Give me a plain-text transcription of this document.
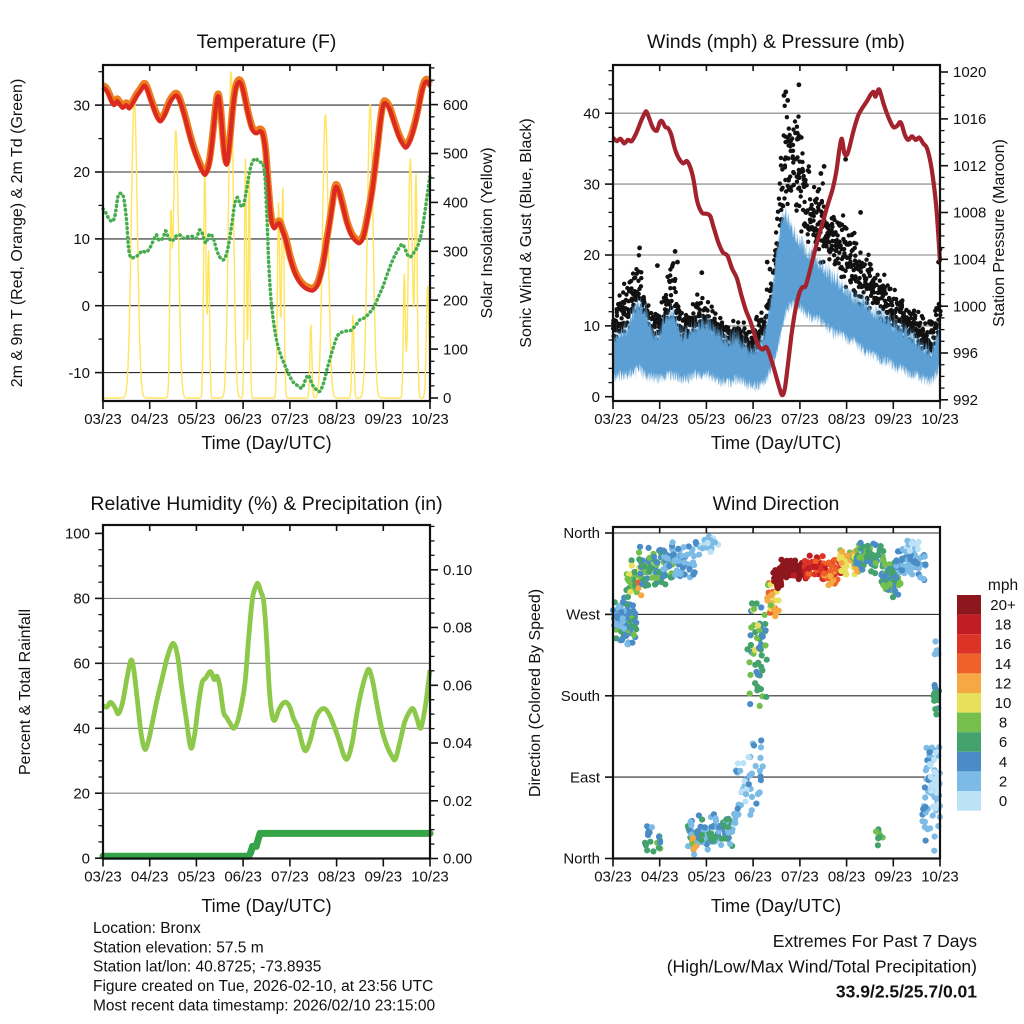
Temperature (F)	Winds (mph) & Pressure (mb)
Relative Humidity (%) & Precipitation (in)	Wind Direction
Time (Day/UTC)	Time (Day/UTC)
Time (Day/UTC)	Time (Day/UTC)
2m & 9m T (Red, Orange) & 2m Td (Green)	Solar Insolation (Yellow) Sonic Wind & Gust (Blue, Black)	Station Pressure (Maroon)
Percent & Total Rainfall	Direction (Colored By Speed)
03/23 04/23 05/23 06/23 07/23 08/23 09/23 10/23
-10
0
10
20
30
0
100
200
300
400
500
600
03/23 04/23 05/23 06/23 07/23 08/23 09/23 10/23
0
10
20
30
40
992
996
1000
1004
1008
1012
1016
1020
03/23 04/23 05/23 06/23 07/23 08/23 09/23 10/23
0
20
40
60
80
100
0.00
0.02
0.04
0.06
0.08
0.10
03/23 04/23 05/23 06/23 07/23 08/23 09/23 10/23
North
West
South
East
North
mph
20+
18
16
14
12
10
8
6
4
2
0
Location: Bronx
Station elevation: 57.5 m
Station lat/lon: 40.8725; -73.8935
Figure created on Tue, 2026-02-10, at 23:56 UTC
Most recent data timestamp: 2026/02/10 23:15:00
Extremes For Past 7 Days
(High/Low/Max Wind/Total Precipitation)
33.9/2.5/25.7/0.01
